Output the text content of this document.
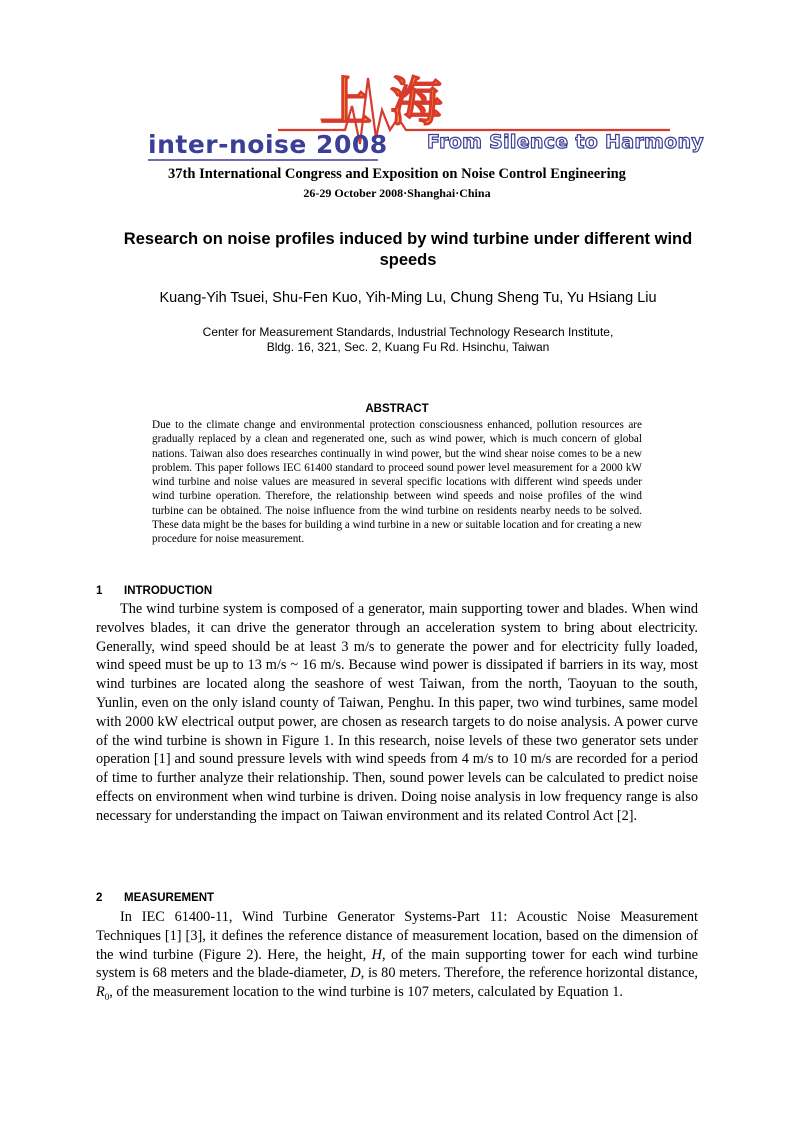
上海
inter-noise 2008 From Silence to Harmony
37th International Congress and Exposition on Noise Control Engineering
26-29 October 2008·Shanghai·China
Research on noise profiles induced by wind turbine under different wind speeds
Kuang-Yih Tsuei, Shu-Fen Kuo, Yih-Ming Lu, Chung Sheng Tu, Yu Hsiang Liu
Center for Measurement Standards, Industrial Technology Research Institute,
Bldg. 16, 321, Sec. 2, Kuang Fu Rd. Hsinchu, Taiwan
ABSTRACT
Due to the climate change and environmental protection consciousness enhanced, pollution resources are gradually replaced by a clean and regenerated one, such as wind power, which is much concern of global nations. Taiwan also does researches continually in wind power, but the wind shear noise comes to be a new problem. This paper follows IEC 61400 standard to proceed sound power level measurement for a 2000 kW wind turbine and noise values are measured in several specific locations with different wind speeds under wind turbine operation. Therefore, the relationship between wind speeds and noise profiles of the wind turbine can be obtained. The noise influence from the wind turbine on residents nearby needs to be solved. These data might be the bases for building a wind turbine in a new or suitable location and for creating a new procedure for noise measurement.
1 INTRODUCTION

The wind turbine system is composed of a generator, main supporting tower and blades. When wind revolves blades, it can drive the generator through an acceleration system to bring about electricity. Generally, wind speed should be at least 3 m/s to generate the power and for electricity fully loaded, wind speed must be up to 13 m/s ~ 16 m/s. Because wind power is dissipated if barriers in its way, most wind turbines are located along the seashore of west Taiwan, from the north, Taoyuan to the south, Yunlin, even on the only island county of Taiwan, Penghu. In this paper, two wind turbines, same model with 2000 kW electrical output power, are chosen as research targets to do noise analysis. A power curve of the wind turbine is shown in Figure 1. In this research, noise levels of these two generator sets under operation [1] and sound pressure levels with wind speeds from 4 m/s to 10 m/s are recorded for a period of time to further analyze their relationship. Then, sound power levels can be calculated to predict noise effects on environment when wind turbine is driven. Doing noise analysis in low frequency range is also necessary for understanding the impact on Taiwan environment and its related Control Act [2].

2 MEASUREMENT

In IEC 61400-11, Wind Turbine Generator Systems-Part 11: Acoustic Noise Measurement Techniques [1] [3], it defines the reference distance of measurement location, based on the dimension of the wind turbine (Figure 2). Here, the height, H, of the main supporting tower for each wind turbine system is 68 meters and the blade-diameter, D, is 80 meters. Therefore, the reference horizontal distance, $R_0$, of the measurement location to the wind turbine is 107 meters, calculated by Equation 1.
